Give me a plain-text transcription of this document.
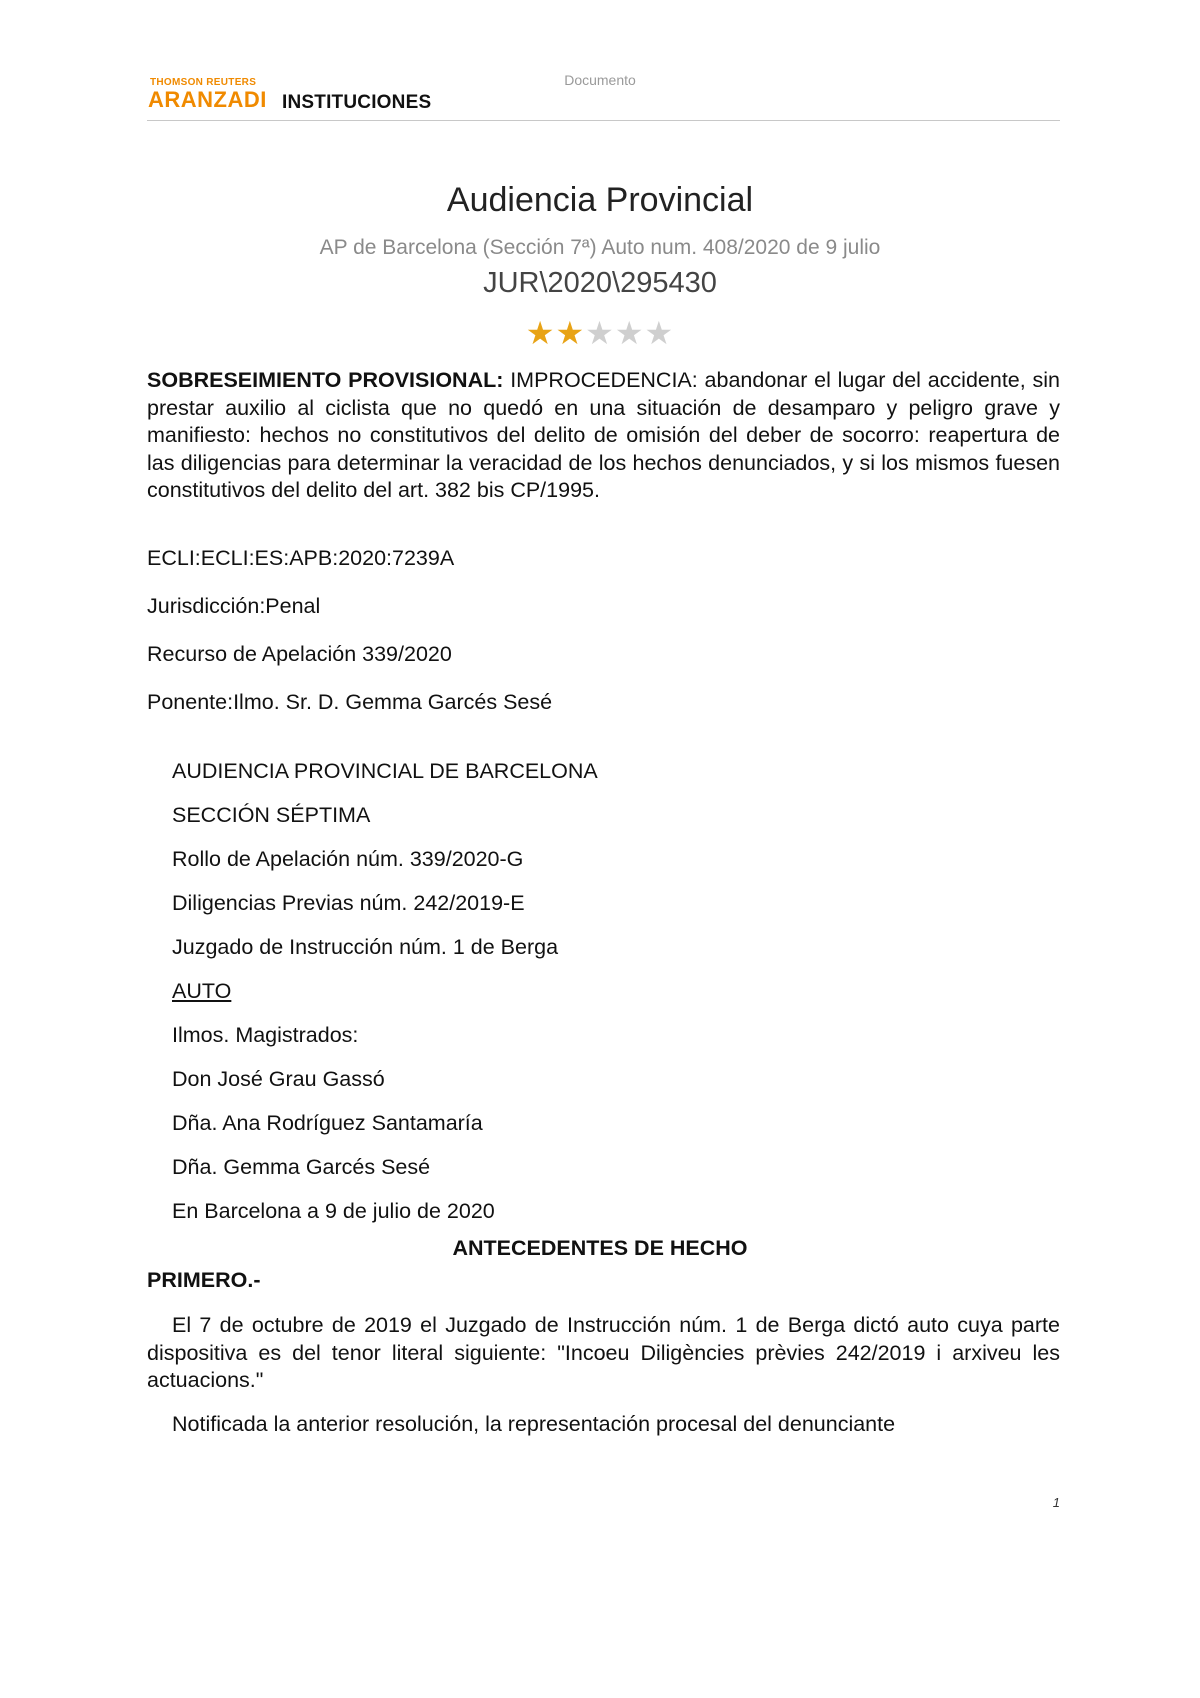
THOMSON REUTERS
ARANZADI INSTITUCIONES
Documento
Audiencia Provincial
AP de Barcelona (Sección 7ª) Auto num. 408/2020 de 9 julio
JUR\2020\295430
★★★★★
SOBRESEIMIENTO PROVISIONAL: IMPROCEDENCIA: abandonar el lugar del accidente, sin prestar auxilio al ciclista que no quedó en una situación de desamparo y peligro grave y manifiesto: hechos no constitutivos del delito de omisión del deber de socorro: reapertura de las diligencias para determinar la veracidad de los hechos denunciados, y si los mismos fuesen constitutivos del delito del art. 382 bis CP/1995.
ECLI:ECLI:ES:APB:2020:7239A
Jurisdicción:Penal
Recurso de Apelación 339/2020
Ponente:Ilmo. Sr. D. Gemma Garcés Sesé
AUDIENCIA PROVINCIAL DE BARCELONA
SECCIÓN SÉPTIMA
Rollo de Apelación núm. 339/2020-G
Diligencias Previas núm. 242/2019-E
Juzgado de Instrucción núm. 1 de Berga
AUTO
Ilmos. Magistrados:
Don José Grau Gassó
Dña. Ana Rodríguez Santamaría
Dña. Gemma Garcés Sesé
En Barcelona a 9 de julio de 2020
ANTECEDENTES DE HECHO
PRIMERO.-
El 7 de octubre de 2019 el Juzgado de Instrucción núm. 1 de Berga dictó auto cuya parte dispositiva es del tenor literal siguiente: "Incoeu Diligències prèvies 242/2019 i arxiveu les actuacions."
Notificada la anterior resolución, la representación procesal del denunciante
1
